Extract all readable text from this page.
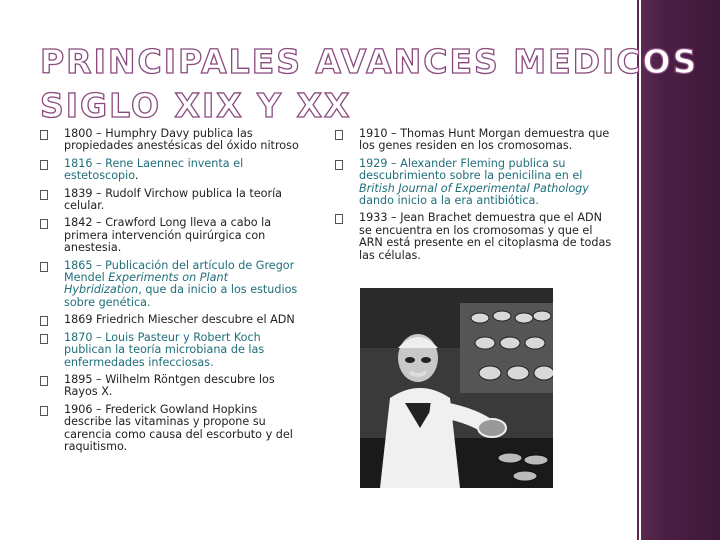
PRINCIPALES AVANCES MEDICOS
SIGLO XIX Y XX
1800 – Humphry Davy publica las propiedades anestésicas del óxido nitroso
1816 – Rene Laennec inventa el estetoscopio.
1839 – Rudolf Virchow publica la teoría celular.
1842 – Crawford Long lleva a cabo la primera intervención quirúrgica con anestesia.
1865 – Publicación del artículo de Gregor Mendel Experiments on Plant Hybridization, que da inicio a los estudios sobre genética.
1869 Friedrich Miescher descubre el ADN
1870 – Louis Pasteur y Robert Koch publican la teoría microbiana de las enfermedades infecciosas.
1895 – Wilhelm Röntgen descubre los Rayos X.
1906 – Frederick Gowland Hopkins describe las vitaminas y propone su carencia como causa del escorbuto y del raquitismo.
1910 – Thomas Hunt Morgan demuestra que los genes residen en los cromosomas.
1929 – Alexander Fleming publica su descubrimiento sobre la penicilina en el British Journal of Experimental Pathology dando inicio a la era antibiótica.
1933 – Jean Brachet demuestra que el ADN se encuentra en los cromosomas y que el ARN está presente en el citoplasma de todas las células.
